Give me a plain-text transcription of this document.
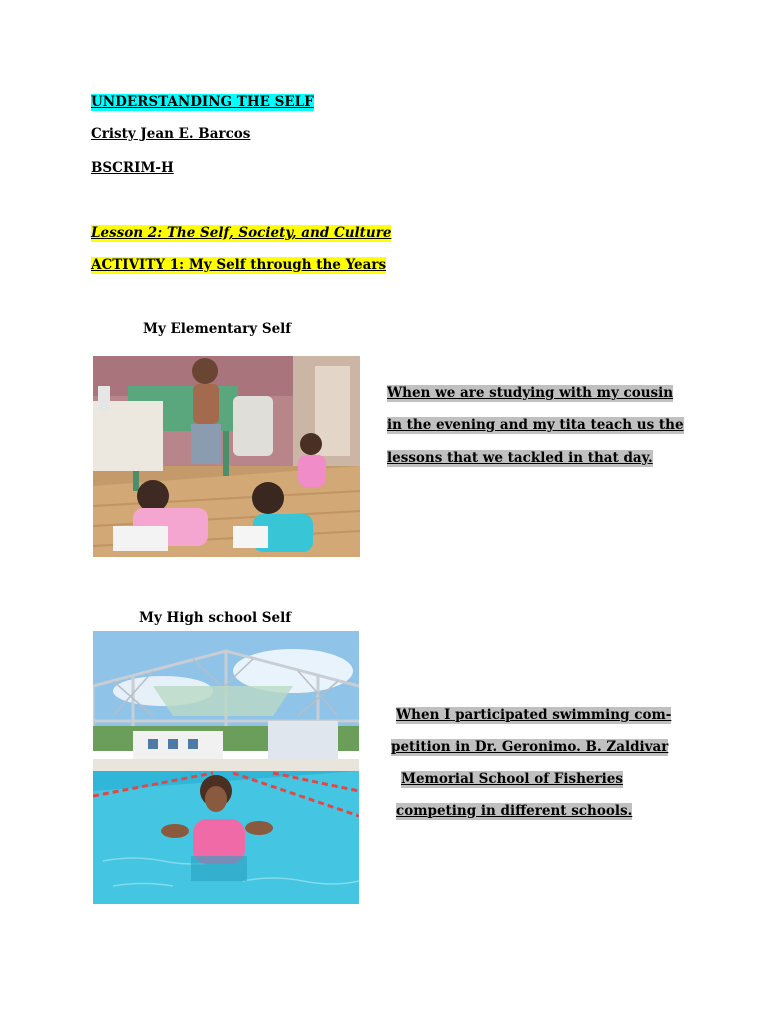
UNDERSTANDING THE SELF
Cristy Jean E. Barcos
BSCRIM-H
Lesson 2: The Self, Society, and Culture
ACTIVITY 1: My Self through the Years
My Elementary Self
When we are studying with my cousin
in the evening and my tita teach us the
lessons that we tackled in that day.
My High school Self
When I participated swimming com-
petition in Dr. Geronimo. B. Zaldivar
Memorial School of Fisheries
competing in different schools.
